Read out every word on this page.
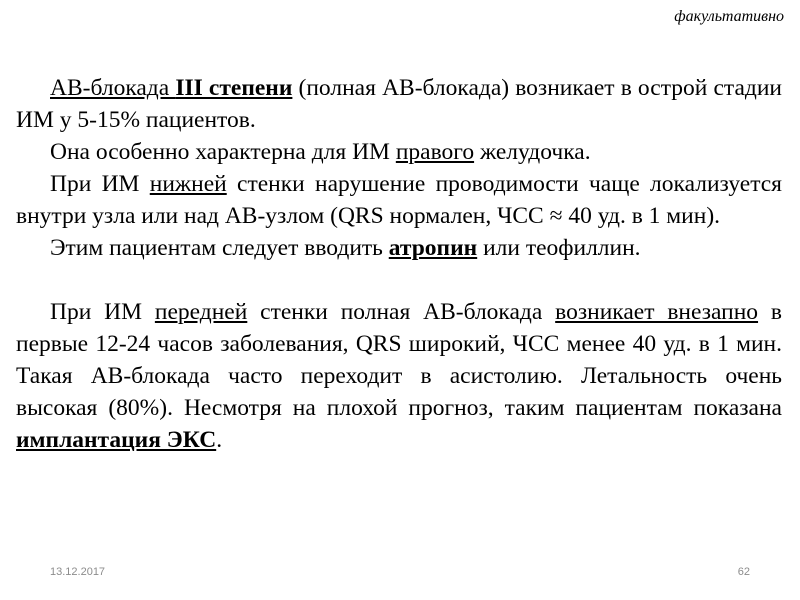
факультативно

АВ-блокада III степени (полная АВ-блокада) возникает в острой стадии ИМ у 5-15% пациентов.

Она особенно характерна для ИМ правого желудочка.

При ИМ нижней стенки нарушение проводимости чаще локализуется внутри узла или над АВ-узлом (QRS нормален, ЧСС ≈ 40 уд. в 1 мин).

Этим пациентам следует вводить атропин или теофиллин.

При ИМ передней стенки полная АВ-блокада возникает внезапно в первые 12-24 часов заболевания, QRS широкий, ЧСС менее 40 уд. в 1 мин. Такая АВ-блокада часто переходит в асистолию. Летальность очень высокая (80%). Несмотря на плохой прогноз, таким пациентам показана имплантация ЭКС.

13.12.2017	62
